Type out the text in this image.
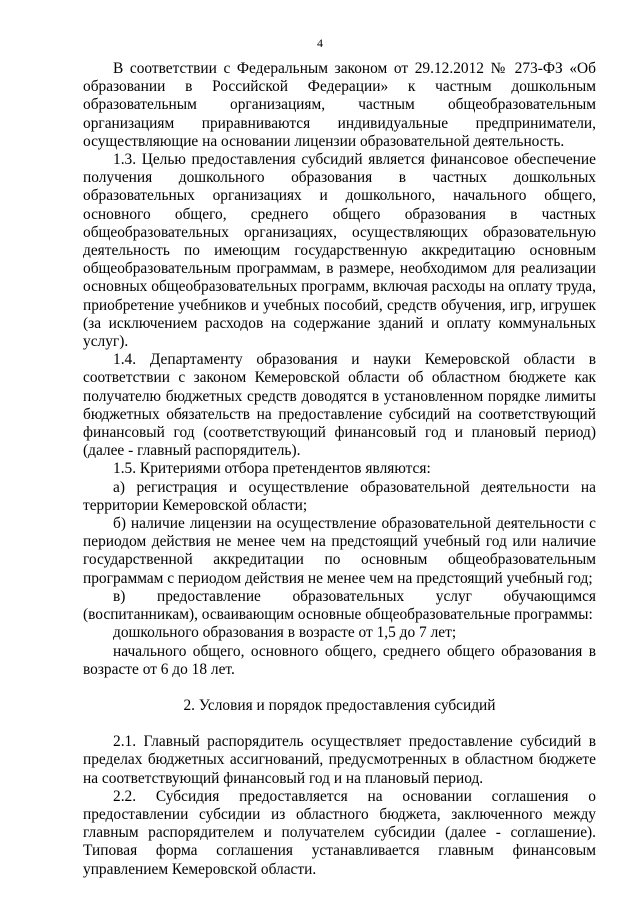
4

В соответствии с Федеральным законом от 29.12.2012 № 273-ФЗ «Об образовании в Российской Федерации» к частным дошкольным образовательным организациям, частным общеобразовательным организациям приравниваются индивидуальные предприниматели, осуществляющие на основании лицензии образовательной деятельность.

1.3. Целью предоставления субсидий является финансовое обеспечение получения дошкольного образования в частных дошкольных образовательных организациях и дошкольного, начального общего, основного общего, среднего общего образования в частных общеобразовательных организациях, осуществляющих образовательную деятельность по имеющим государственную аккредитацию основным общеобразовательным программам, в размере, необходимом для реализации основных общеобразовательных программ, включая расходы на оплату труда, приобретение учебников и учебных пособий, средств обучения, игр, игрушек (за исключением расходов на содержание зданий и оплату коммунальных услуг).

1.4. Департаменту образования и науки Кемеровской области в соответствии с законом Кемеровской области об областном бюджете как получателю бюджетных средств доводятся в установленном порядке лимиты бюджетных обязательств на предоставление субсидий на соответствующий финансовый год (соответствующий финансовый год и плановый период) (далее - главный распорядитель).

1.5. Критериями отбора претендентов являются:

а) регистрация и осуществление образовательной деятельности на территории Кемеровской области;

б) наличие лицензии на осуществление образовательной деятельности с периодом действия не менее чем на предстоящий учебный год или наличие государственной аккредитации по основным общеобразовательным программам с периодом действия не менее чем на предстоящий учебный год;

в) предоставление образовательных услуг обучающимся (воспитанникам), осваивающим основные общеобразовательные программы:

дошкольного образования в возрасте от 1,5 до 7 лет;

начального общего, основного общего, среднего общего образования в возрасте от 6 до 18 лет.

2. Условия и порядок предоставления субсидий

2.1. Главный распорядитель осуществляет предоставление субсидий в пределах бюджетных ассигнований, предусмотренных в областном бюджете на соответствующий финансовый год и на плановый период.

2.2. Субсидия предоставляется на основании соглашения о предоставлении субсидии из областного бюджета, заключенного между главным распорядителем и получателем субсидии (далее - соглашение). Типовая форма соглашения устанавливается главным финансовым управлением Кемеровской области.
